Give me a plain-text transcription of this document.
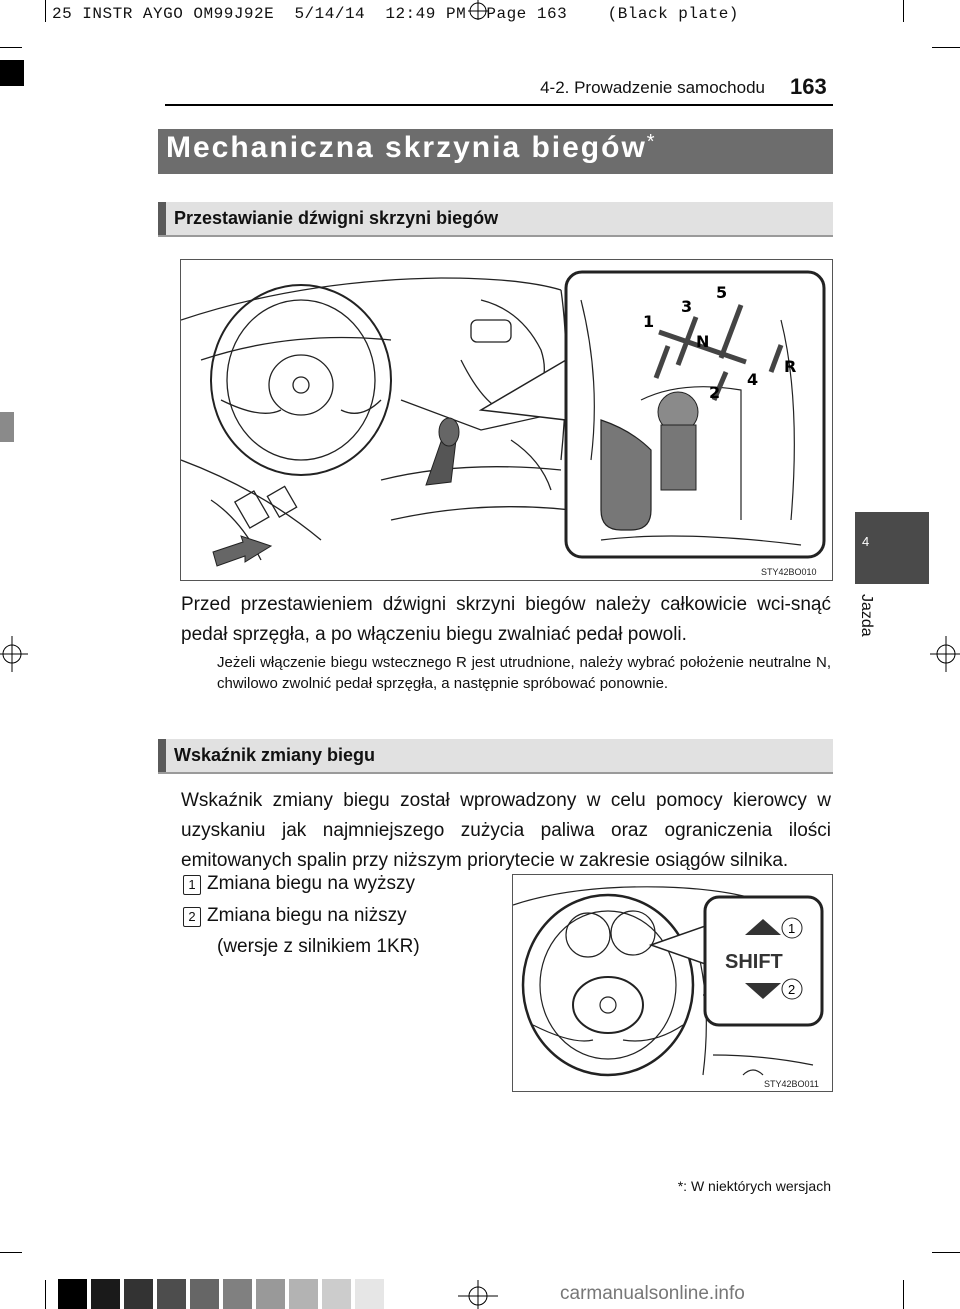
25 INSTR AYGO OM99J92E  5/14/14  12:49 PM  Page 163    (Black plate)
4-2. Prowadzenie samochodu 163
Mechaniczna skrzynia biegów*
Przestawianie dźwigni skrzyni biegów
1
3
5
N
2
4
R
STY42BO010
Przed przestawieniem dźwigni skrzyni biegów należy całkowicie wci-snąć pedał sprzęgła, a po włączeniu biegu zwalniać pedał powoli.
Jeżeli włączenie biegu wstecznego R jest utrudnione, należy wybrać położenie neutralne N, chwilowo zwolnić pedał sprzęgła, a następnie spróbować ponownie.
Wskaźnik zmiany biegu
Wskaźnik zmiany biegu został wprowadzony w celu pomocy kierowcy w uzyskaniu jak najmniejszego zużycia paliwa oraz ograniczenia ilości emitowanych spalin przy niższym priorytecie w zakresie osiągów silnika.
1 Zmiana biegu na wyższy
2 Zmiana biegu na niższy
(wersje z silnikiem 1KR)
SHIFT
1
2
STY42BO011
4
Jazda
*: W niektórych wersjach
carmanualsonline.info
